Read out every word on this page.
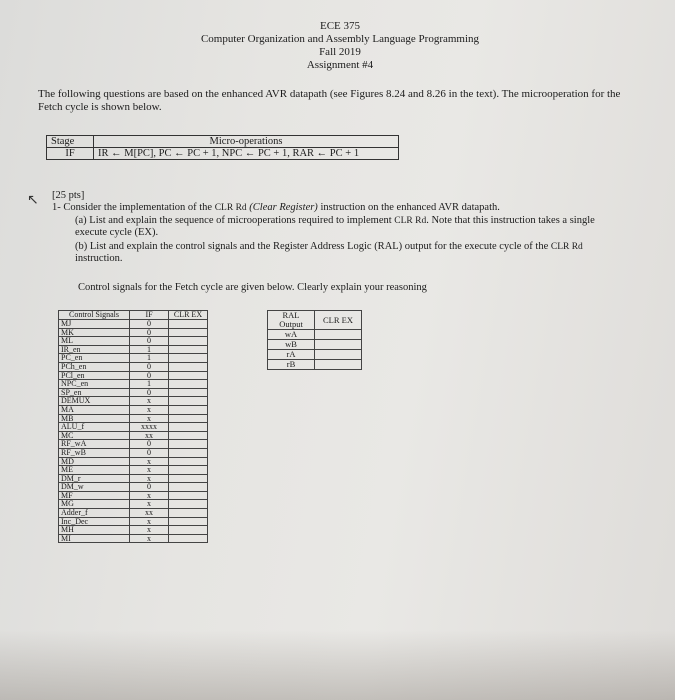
ECE 375
Computer Organization and Assembly Language Programming
Fall 2019
Assignment #4
The following questions are based on the enhanced AVR datapath (see Figures 8.24 and 8.26 in the text). The microoperation for the Fetch cycle is shown below.
Stage	Micro-operations
IF	IR ← M[PC], PC ← PC + 1, NPC ← PC + 1, RAR ← PC + 1
↖ [25 pts]
1- Consider the implementation of the CLR Rd (Clear Register) instruction on the enhanced AVR datapath.
(a) List and explain the sequence of microoperations required to implement CLR Rd. Note that this instruction takes a single execute cycle (EX).
(b) List and explain the control signals and the Register Address Logic (RAL) output for the execute cycle of the CLR Rd instruction.
Control signals for the Fetch cycle are given below. Clearly explain your reasoning
Control Signals	IF	CLR EX
MJ	0	
MK	0	
ML	0	
IR_en	1	
PC_en	1	
PCh_en	0	
PCl_en	0	
NPC_en	1	
SP_en	0	
DEMUX	x	
MA	x	
MB	x	
ALU_f	xxxx	
MC	xx	
RF_wA	0	
RF_wB	0	
MD	x	
ME	x	
DM_r	x	
DM_w	0	
MF	x	
MG	x	
Adder_f	xx	
Inc_Dec	x	
MH	x	
MI	x	
RAL Output	CLR EX
wA	
wB	
rA	
rB	
